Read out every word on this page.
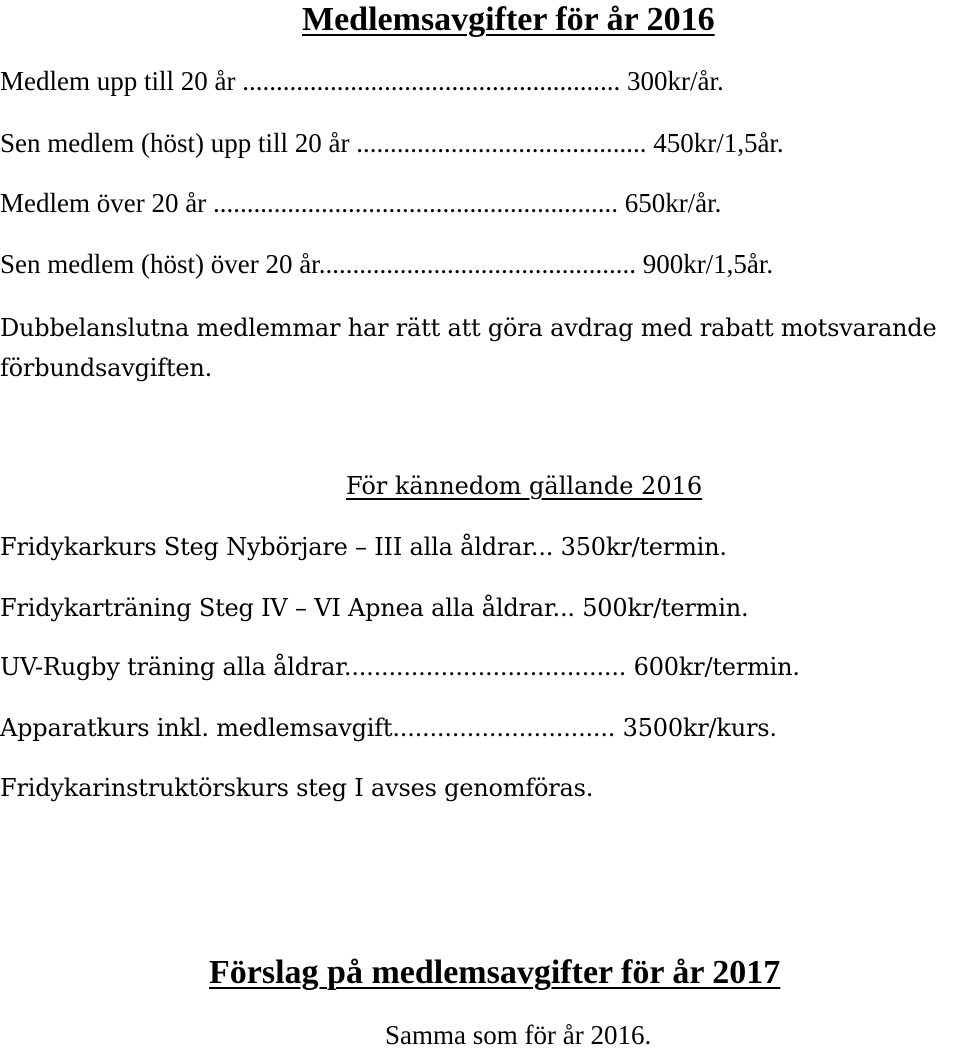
Medlemsavgifter för år 2016
Medlem upp till 20 år ........................................................ 300kr/år.
Sen medlem (höst) upp till 20 år ........................................... 450kr/1,5år.
Medlem över 20 år ............................................................ 650kr/år.
Sen medlem (höst) över 20 år............................................... 900kr/1,5år.
Dubbelanslutna medlemmar har rätt att göra avdrag med rabatt motsvarande förbundsavgiften.
För kännedom gällande 2016
Fridykarkurs Steg Nybörjare – III alla åldrar... 350kr/termin.
Fridykarträning Steg IV – VI Apnea alla åldrar... 500kr/termin.
UV-Rugby träning alla åldrar...................................... 600kr/termin.
Apparatkurs inkl. medlemsavgift.............................. 3500kr/kurs.
Fridykarinstruktörskurs steg I avses genomföras.
Förslag på medlemsavgifter för år 2017
Samma som för år 2016.
